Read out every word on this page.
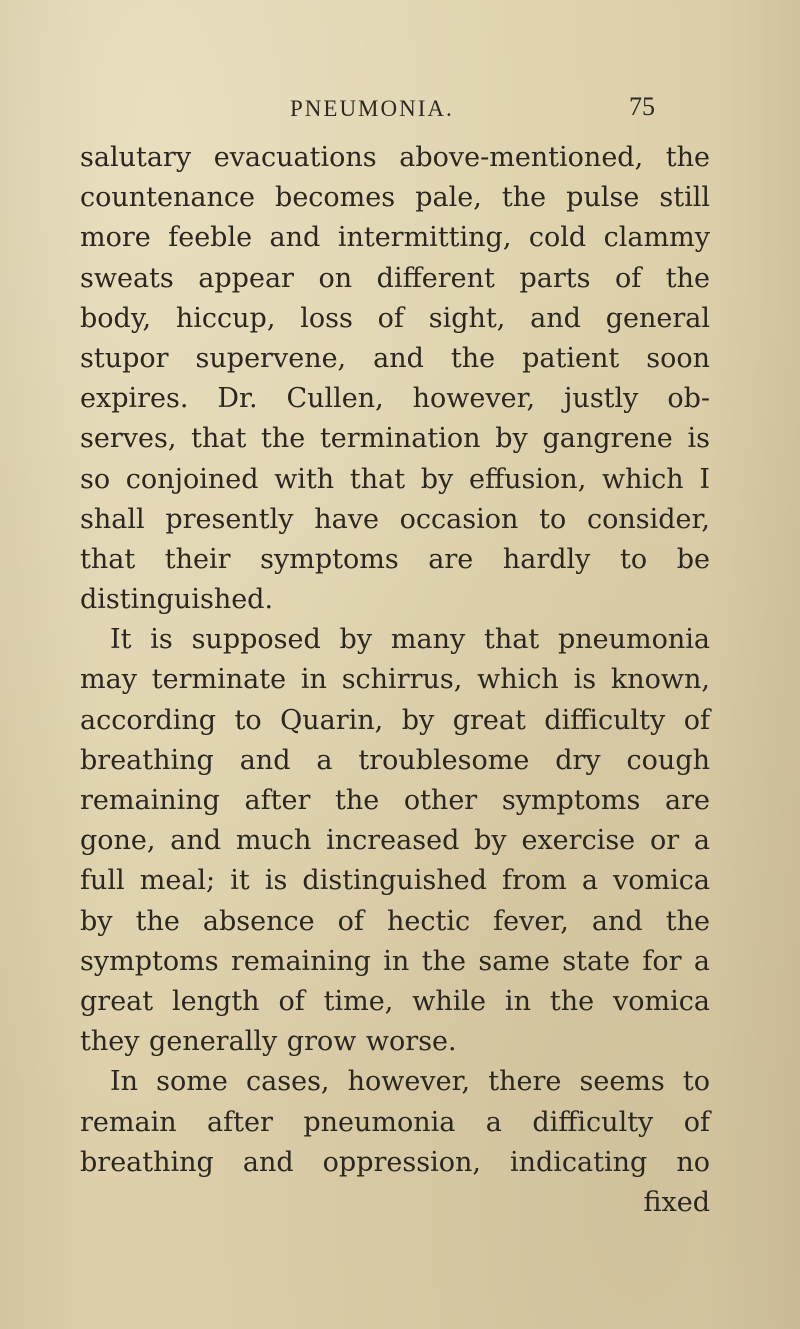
PNEUMONIA.	75
salutary evacuations above-mentioned, the
countenance becomes pale, the pulse still
more feeble and intermitting, cold clammy
sweats appear on different parts of the
body, hiccup, loss of sight, and general
stupor supervene, and the patient soon
expires. Dr. Cullen, however, justly ob-
serves, that the termination by gangrene is
so conjoined with that by effusion, which I
shall presently have occasion to consider,
that their symptoms are hardly to be
distinguished.
It is supposed by many that pneumonia
may terminate in schirrus, which is known,
according to Quarin, by great difficulty of
breathing and a troublesome dry cough
remaining after the other symptoms are
gone, and much increased by exercise or a
full meal; it is distinguished from a vomica
by the absence of hectic fever, and the
symptoms remaining in the same state for a
great length of time, while in the vomica
they generally grow worse.
In some cases, however, there seems to
remain after pneumonia a difficulty of
breathing and oppression, indicating no
fixed
